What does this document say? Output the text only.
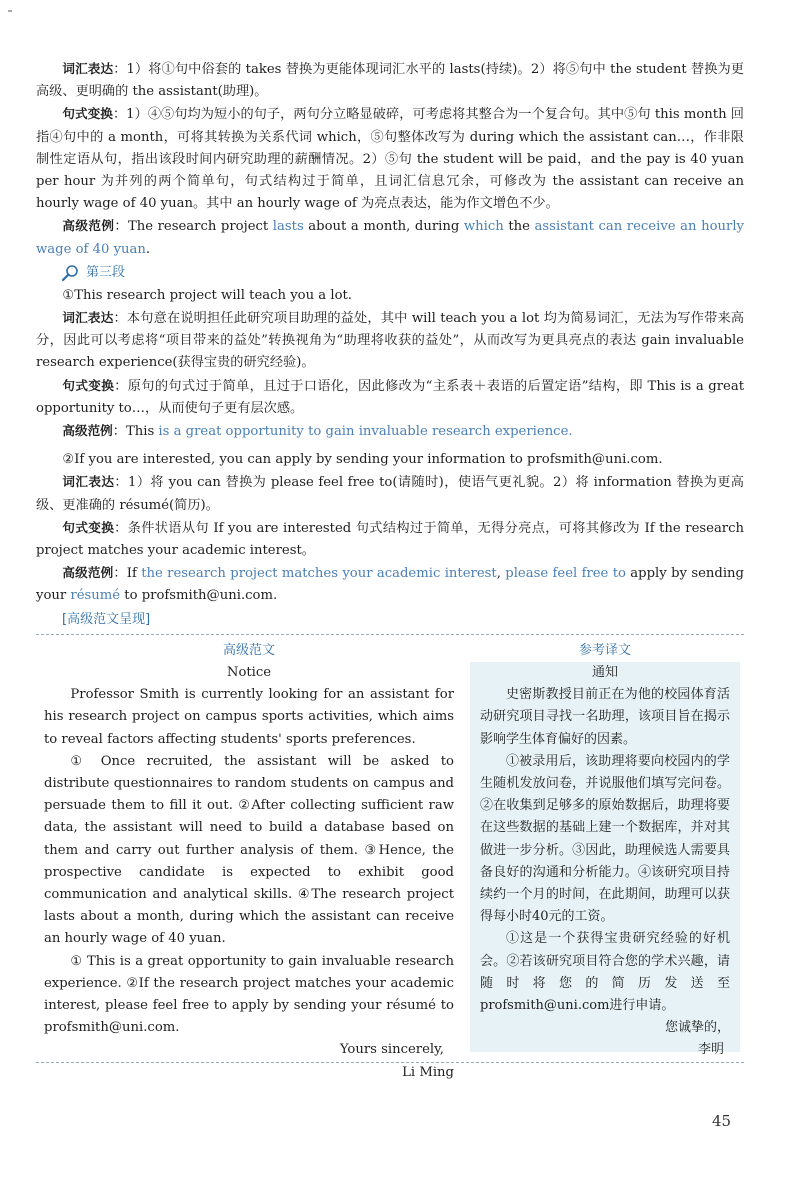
词汇表达：1）将①句中俗套的 takes 替换为更能体现词汇水平的 lasts(持续)。2）将⑤句中 the student 替换为更高级、更明确的 the assistant(助理)。

句式变换：1）④⑤句均为短小的句子，两句分立略显破碎，可考虑将其整合为一个复合句。其中⑤句 this month 回指④句中的 a month，可将其转换为关系代词 which，⑤句整体改写为 during which the assistant can…，作非限制性定语从句，指出该段时间内研究助理的薪酬情况。2）⑤句 the student will be paid，and the pay is 40 yuan per hour 为并列的两个简单句，句式结构过于简单，且词汇信息冗余，可修改为 the assistant can receive an hourly wage of 40 yuan。其中 an hourly wage of 为亮点表达，能为作文增色不少。

高级范例：The research project lasts about a month, during which the assistant can receive an hourly wage of 40 yuan.

第三段

①This research project will teach you a lot.

词汇表达：本句意在说明担任此研究项目助理的益处，其中 will teach you a lot 均为简易词汇，无法为写作带来高分，因此可以考虑将“项目带来的益处”转换视角为“助理将收获的益处”，从而改写为更具亮点的表达 gain invaluable research experience(获得宝贵的研究经验)。

句式变换：原句的句式过于简单，且过于口语化，因此修改为“主系表＋表语的后置定语”结构，即 This is a great opportunity to…，从而使句子更有层次感。

高级范例：This is a great opportunity to gain invaluable research experience.

②If you are interested, you can apply by sending your information to profsmith@uni.com.

词汇表达：1）将 you can 替换为 please feel free to(请随时)，使语气更礼貌。2）将 information 替换为更高级、更准确的 résumé(简历)。

句式变换：条件状语从句 If you are interested 句式结构过于简单，无得分亮点，可将其修改为 If the research project matches your academic interest。

高级范例：If the research project matches your academic interest, please feel free to apply by sending your résumé to profsmith@uni.com.

[高级范文呈现]
高级范文

Notice

Professor Smith is currently looking for an assistant for his research project on campus sports activities, which aims to reveal factors affecting students' sports preferences.

① Once recruited, the assistant will be asked to distribute questionnaires to random students on campus and persuade them to fill it out. ②After collecting sufficient raw data, the assistant will need to build a database based on them and carry out further analysis of them. ③Hence, the prospective candidate is expected to exhibit good communication and analytical skills. ④The research project lasts about a month, during which the assistant can receive an hourly wage of 40 yuan.

① This is a great opportunity to gain invaluable research experience. ②If the research project matches your academic interest, please feel free to apply by sending your résumé to profsmith@uni.com.

Yours sincerely,

Li Ming

参考译文

通知

史密斯教授目前正在为他的校园体育活动研究项目寻找一名助理，该项目旨在揭示影响学生体育偏好的因素。

①被录用后，该助理将要向校园内的学生随机发放问卷，并说服他们填写完问卷。②在收集到足够多的原始数据后，助理将要在这些数据的基础上建一个数据库，并对其做进一步分析。③因此，助理候选人需要具备良好的沟通和分析能力。④该研究项目持续约一个月的时间，在此期间，助理可以获得每小时40元的工资。

①这是一个获得宝贵研究经验的好机会。②若该研究项目符合您的学术兴趣，请随时将您的简历发送至profsmith@uni.com进行申请。

您诚挚的，

李明

45
